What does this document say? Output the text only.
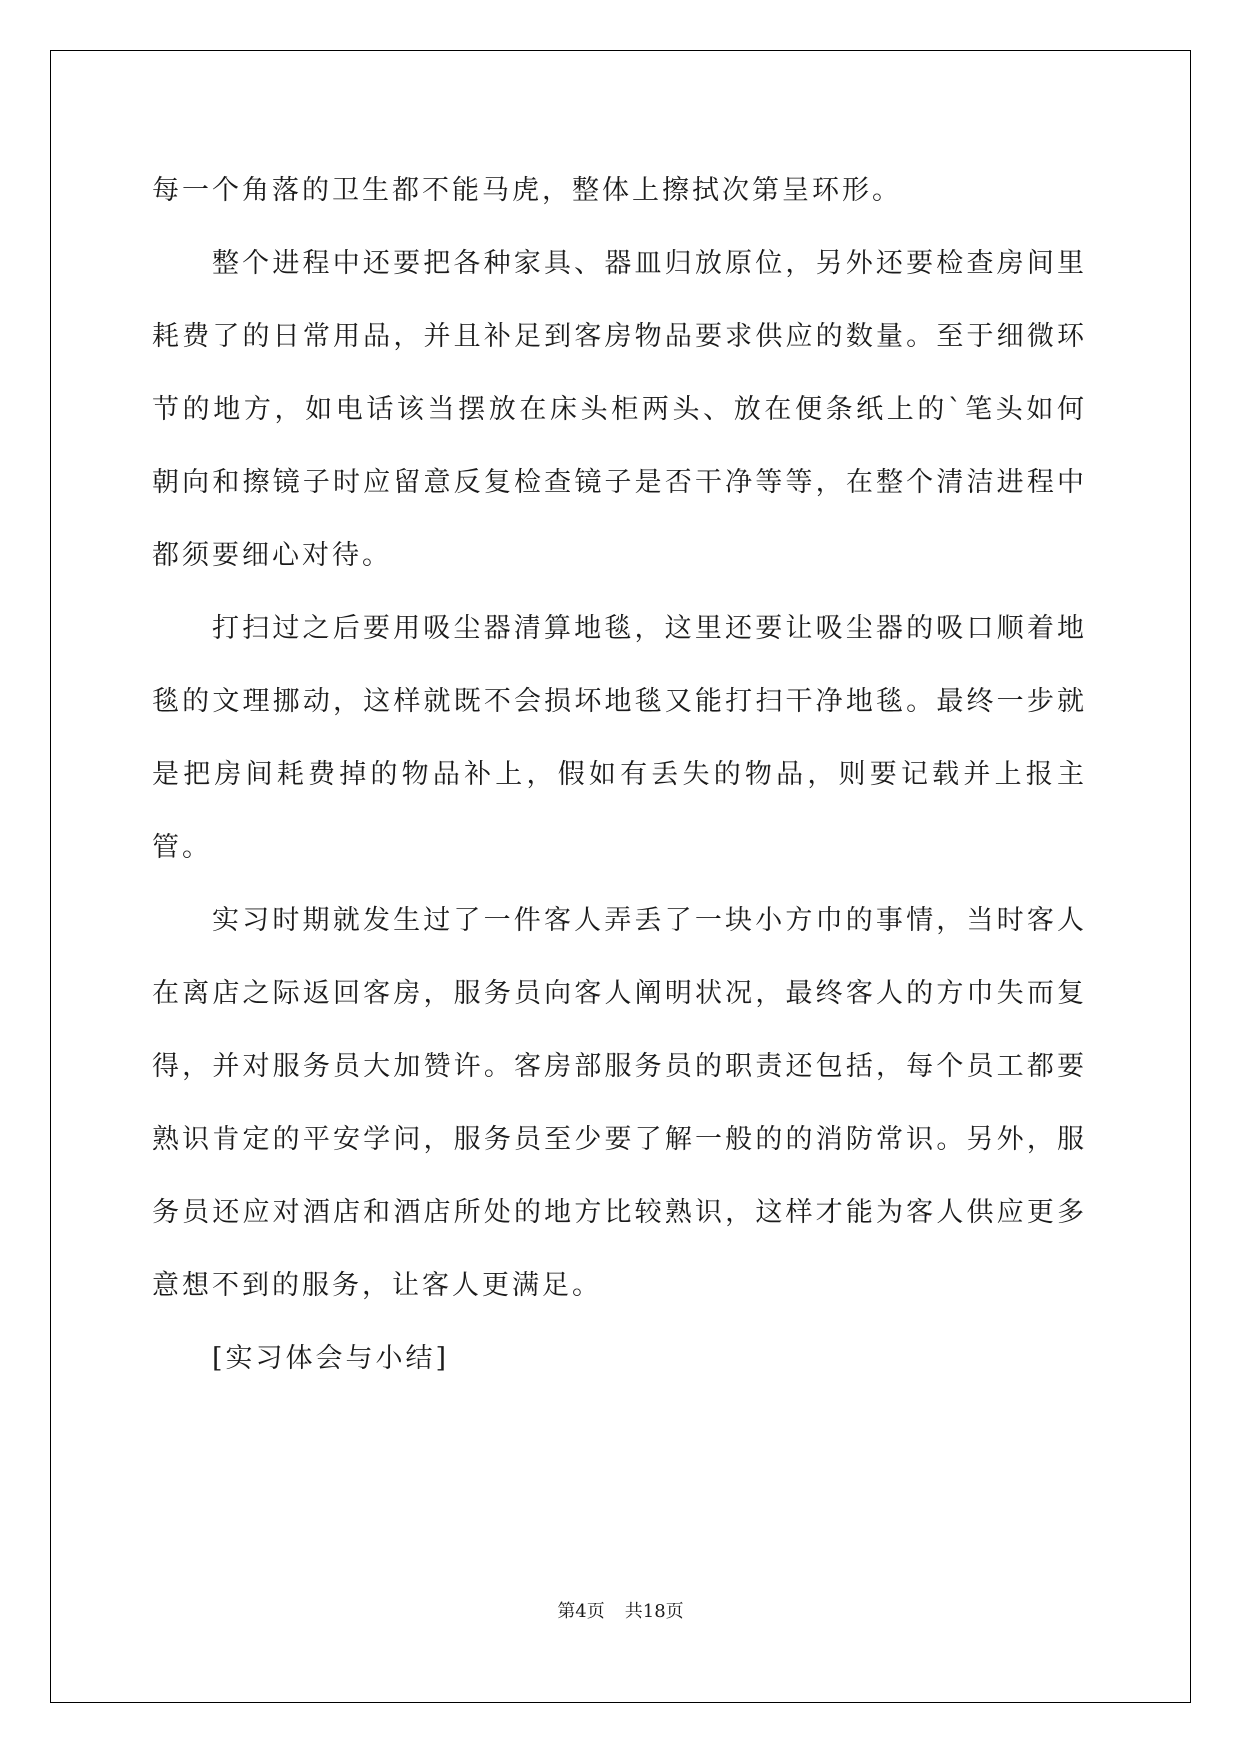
每一个角落的卫生都不能马虎，整体上擦拭次第呈环形。

整个进程中还要把各种家具、器皿归放原位，另外还要检查房间里耗费了的日常用品，并且补足到客房物品要求供应的数量。至于细微环节的地方，如电话该当摆放在床头柜两头、放在便条纸上的`笔头如何朝向和擦镜子时应留意反复检查镜子是否干净等等，在整个清洁进程中都须要细心对待。

打扫过之后要用吸尘器清算地毯，这里还要让吸尘器的吸口顺着地毯的文理挪动，这样就既不会损坏地毯又能打扫干净地毯。最终一步就是把房间耗费掉的物品补上，假如有丢失的物品，则要记载并上报主管。

实习时期就发生过了一件客人弄丢了一块小方巾的事情，当时客人在离店之际返回客房，服务员向客人阐明状况，最终客人的方巾失而复得，并对服务员大加赞许。客房部服务员的职责还包括，每个员工都要熟识肯定的平安学问，服务员至少要了解一般的的消防常识。另外，服务员还应对酒店和酒店所处的地方比较熟识，这样才能为客人供应更多意想不到的服务，让客人更满足。

[实习体会与小结]

第4页 共18页
